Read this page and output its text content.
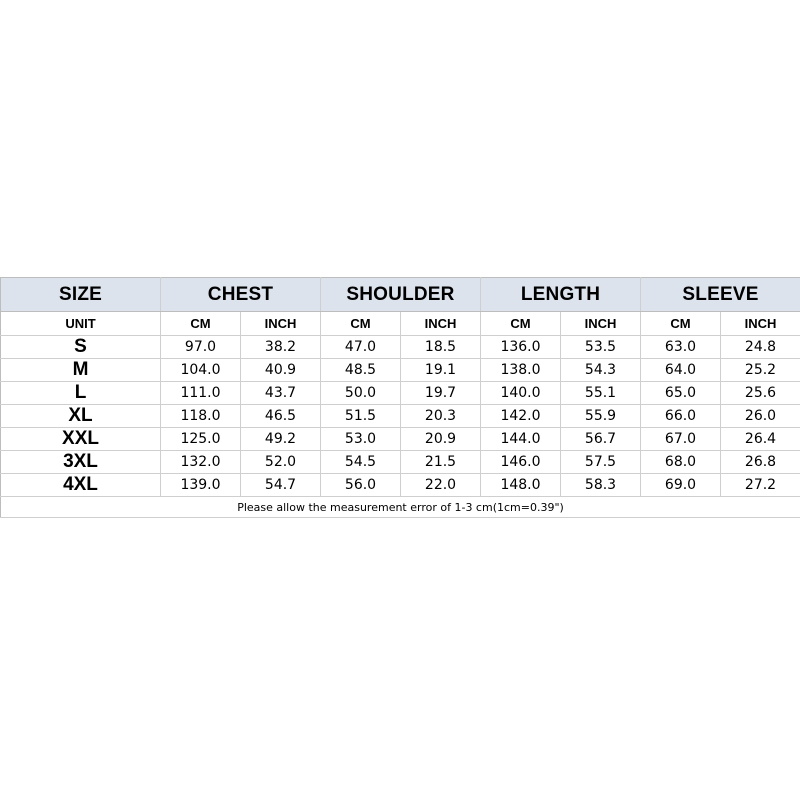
SIZE	CHEST		SHOULDER		LENGTH		SLEEVE	
UNIT	CM	INCH	CM	INCH	CM	INCH	CM	INCH
S	97.0	38.2	47.0	18.5	136.0	53.5	63.0	24.8
M	104.0	40.9	48.5	19.1	138.0	54.3	64.0	25.2
L	111.0	43.7	50.0	19.7	140.0	55.1	65.0	25.6
XL	118.0	46.5	51.5	20.3	142.0	55.9	66.0	26.0
XXL	125.0	49.2	53.0	20.9	144.0	56.7	67.0	26.4
3XL	132.0	52.0	54.5	21.5	146.0	57.5	68.0	26.8
4XL	139.0	54.7	56.0	22.0	148.0	58.3	69.0	27.2
Please allow the measurement error of 1-3 cm(1cm=0.39")								
